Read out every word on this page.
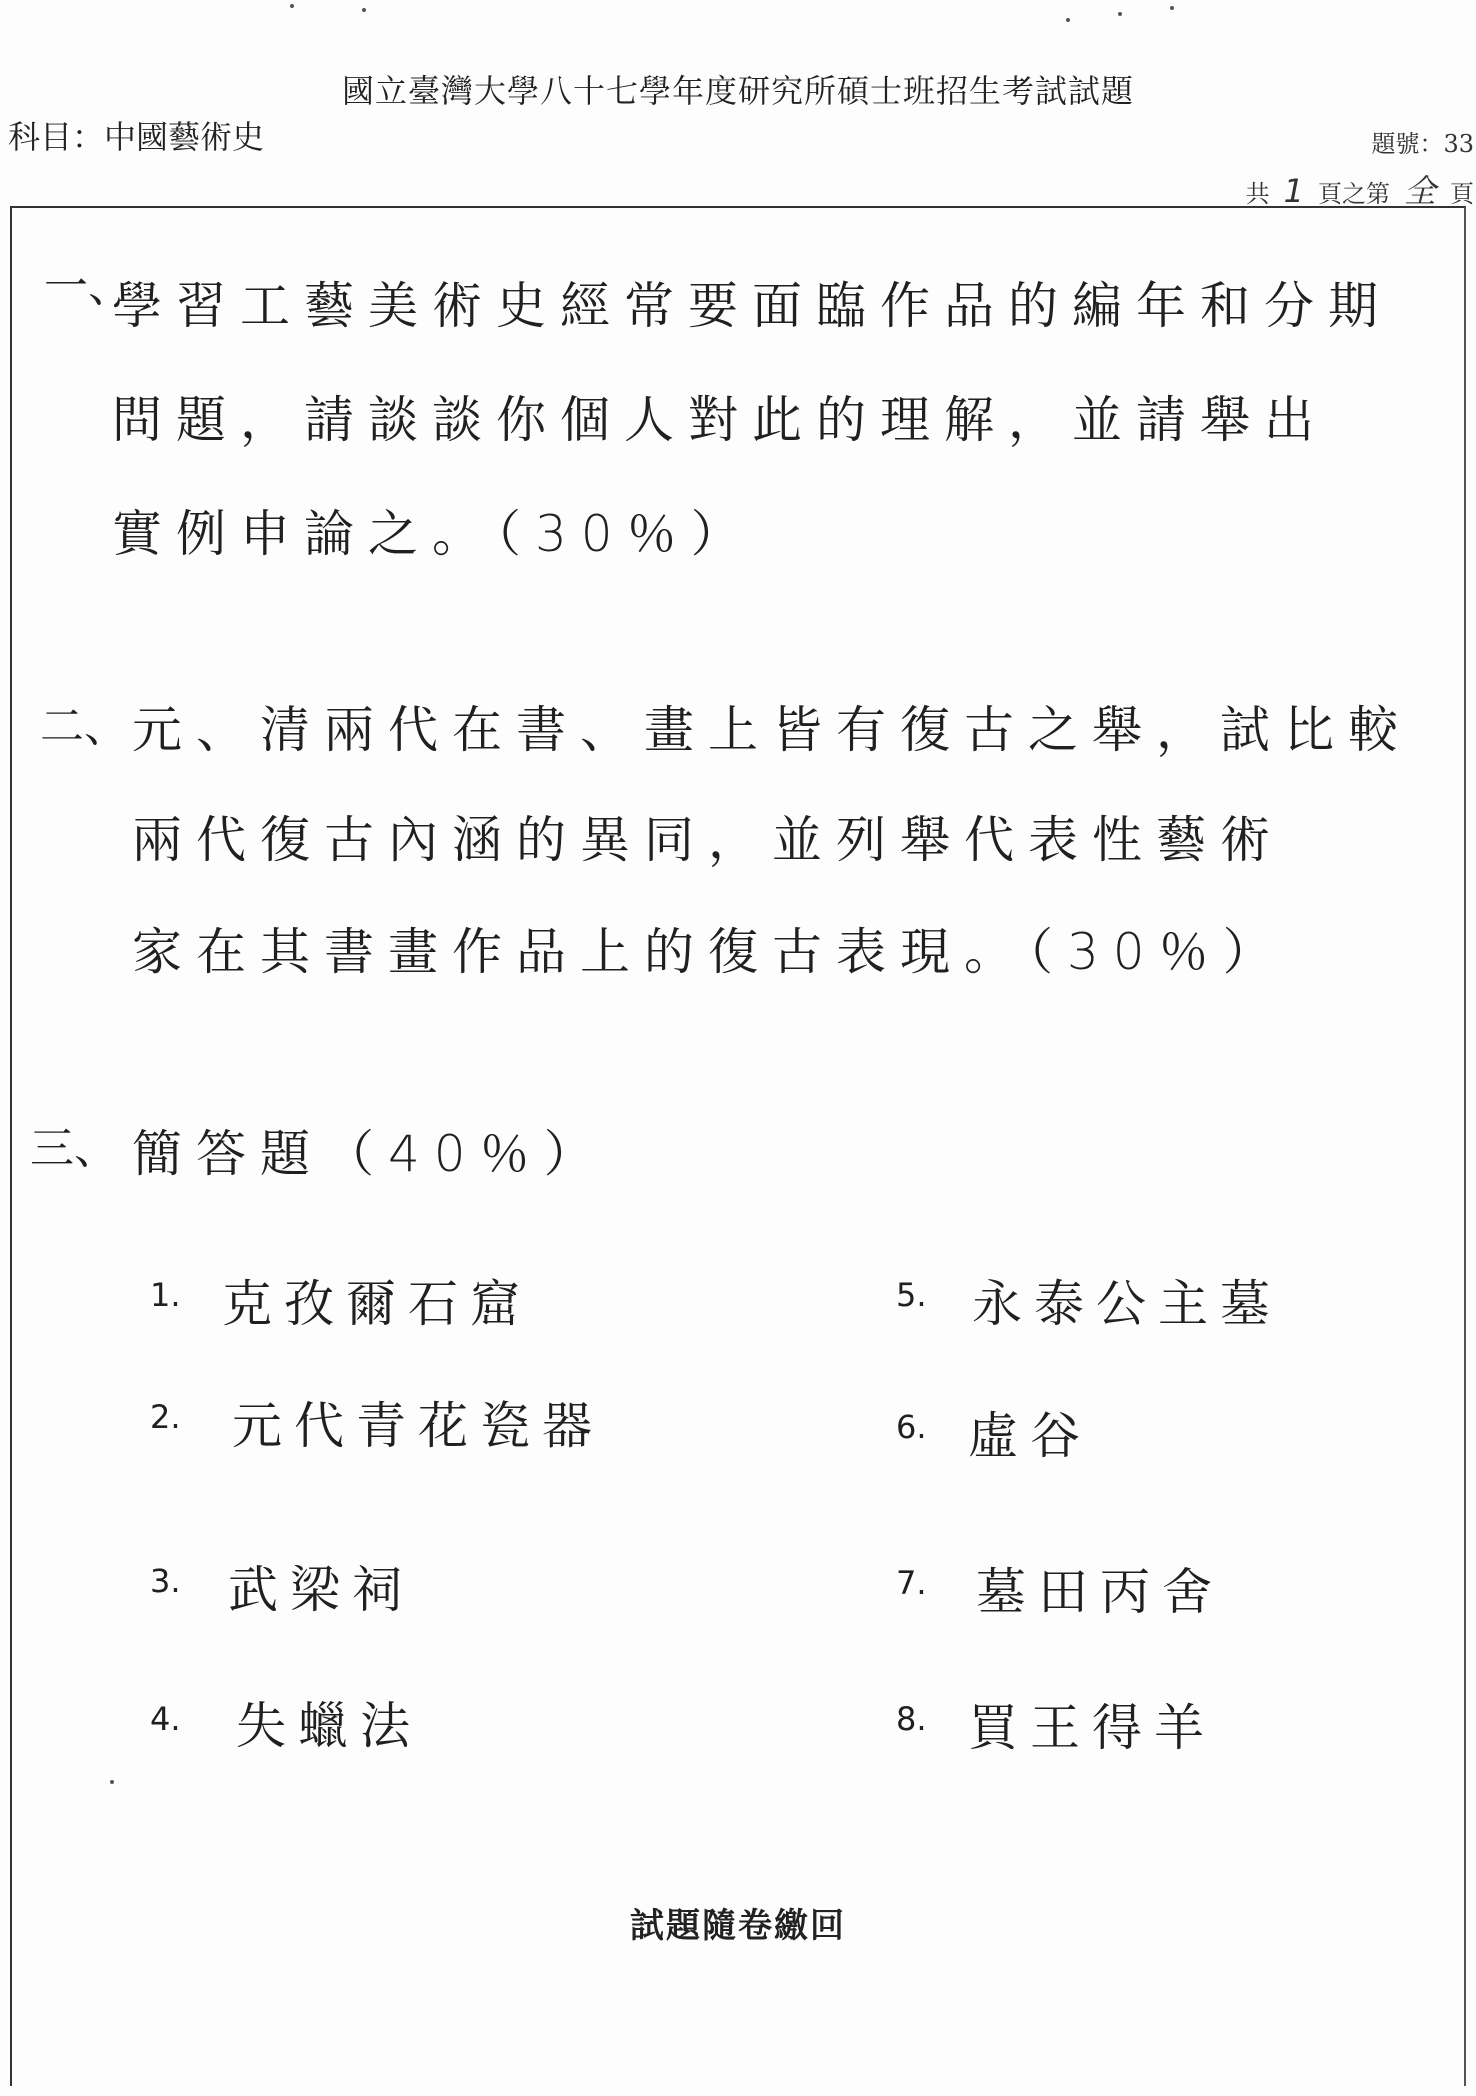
國立臺灣大學八十七學年度研究所碩士班招生考試試題
科目：中國藝術史	題號：33
共 1 頁之第 全 頁
一、
學習工藝美術史經常要面臨作品的編年和分期
問題，請談談你個人對此的理解，並請舉出
實例申論之。（30％）
二、 元、清兩代在書、畫上皆有復古之舉，試比較
兩代復古內涵的異同，並列舉代表性藝術
家在其書畫作品上的復古表現。（30％）
三、 簡答題（40％）
1. 克孜爾石窟
2. 元代青花瓷器
3. 武梁祠
4. 失蠟法
5. 永泰公主墓
6. 虛谷
7. 墓田丙舍
8. 買王得羊
試題隨卷繳回
